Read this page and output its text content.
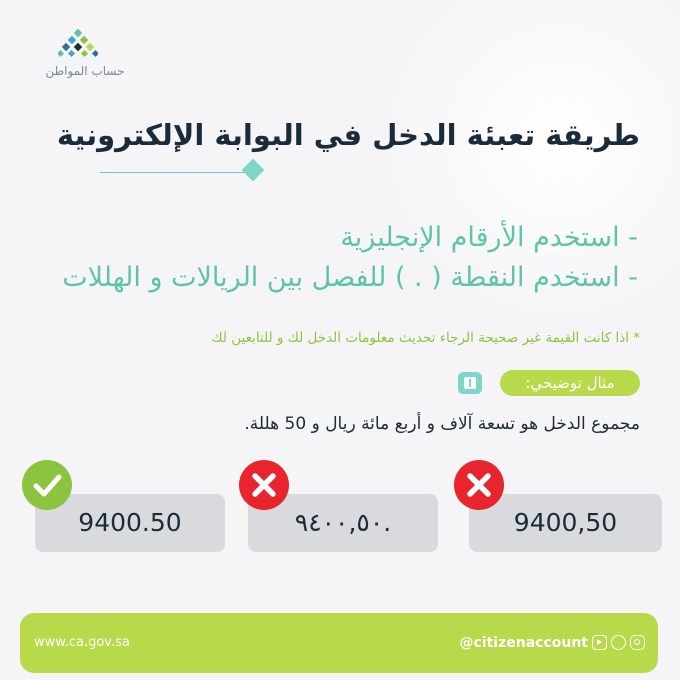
حساب المواطن
طريقة تعبئة الدخل في البوابة الإلكترونية
- استخدم الأرقام الإنجليزية
- استخدم النقطة ( . ) للفصل بين الريالات و الهللات
* اذا كانت القيمة غير صحيحة الرجاء تحديث معلومات الدخل لك و للتابعين لك
مثال توضيحي:
مجموع الدخل هو تسعة آلاف و أربع مائة ريال و 50 هللة.
9400.50	٩٤٠٠,٥٠.	9400,50
www.ca.gov.sa	@citizenaccount
